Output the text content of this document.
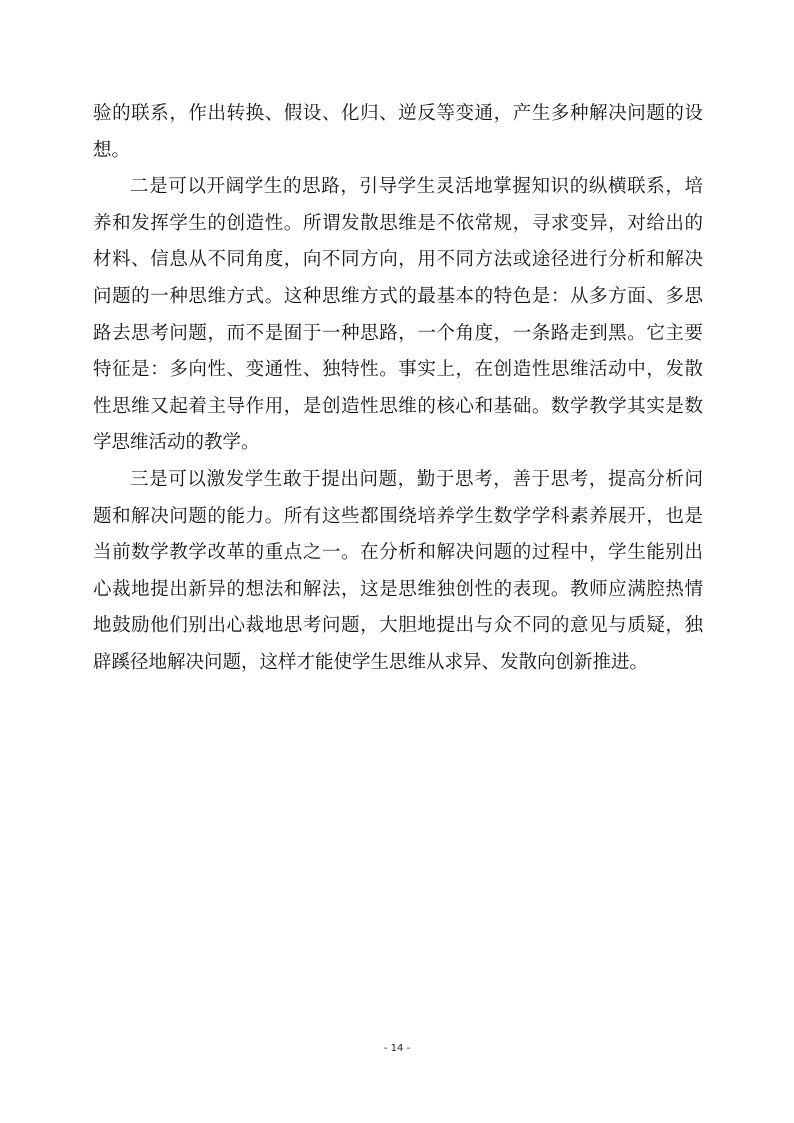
验的联系，作出转换、假设、化归、逆反等变通，产生多种解决问题的设想。

二是可以开阔学生的思路，引导学生灵活地掌握知识的纵横联系，培养和发挥学生的创造性。所谓发散思维是不依常规，寻求变异，对给出的材料、信息从不同角度，向不同方向，用不同方法或途径进行分析和解决问题的一种思维方式。这种思维方式的最基本的特色是：从多方面、多思路去思考问题，而不是囿于一种思路，一个角度，一条路走到黑。它主要特征是：多向性、变通性、独特性。事实上，在创造性思维活动中，发散性思维又起着主导作用，是创造性思维的核心和基础。数学教学其实是数学思维活动的教学。

三是可以激发学生敢于提出问题，勤于思考，善于思考，提高分析问题和解决问题的能力。所有这些都围绕培养学生数学学科素养展开，也是当前数学教学改革的重点之一。在分析和解决问题的过程中，学生能别出心裁地提出新异的想法和解法，这是思维独创性的表现。教师应满腔热情地鼓励他们别出心裁地思考问题，大胆地提出与众不同的意见与质疑，独辟蹊径地解决问题，这样才能使学生思维从求异、发散向创新推进。

- 14 -
